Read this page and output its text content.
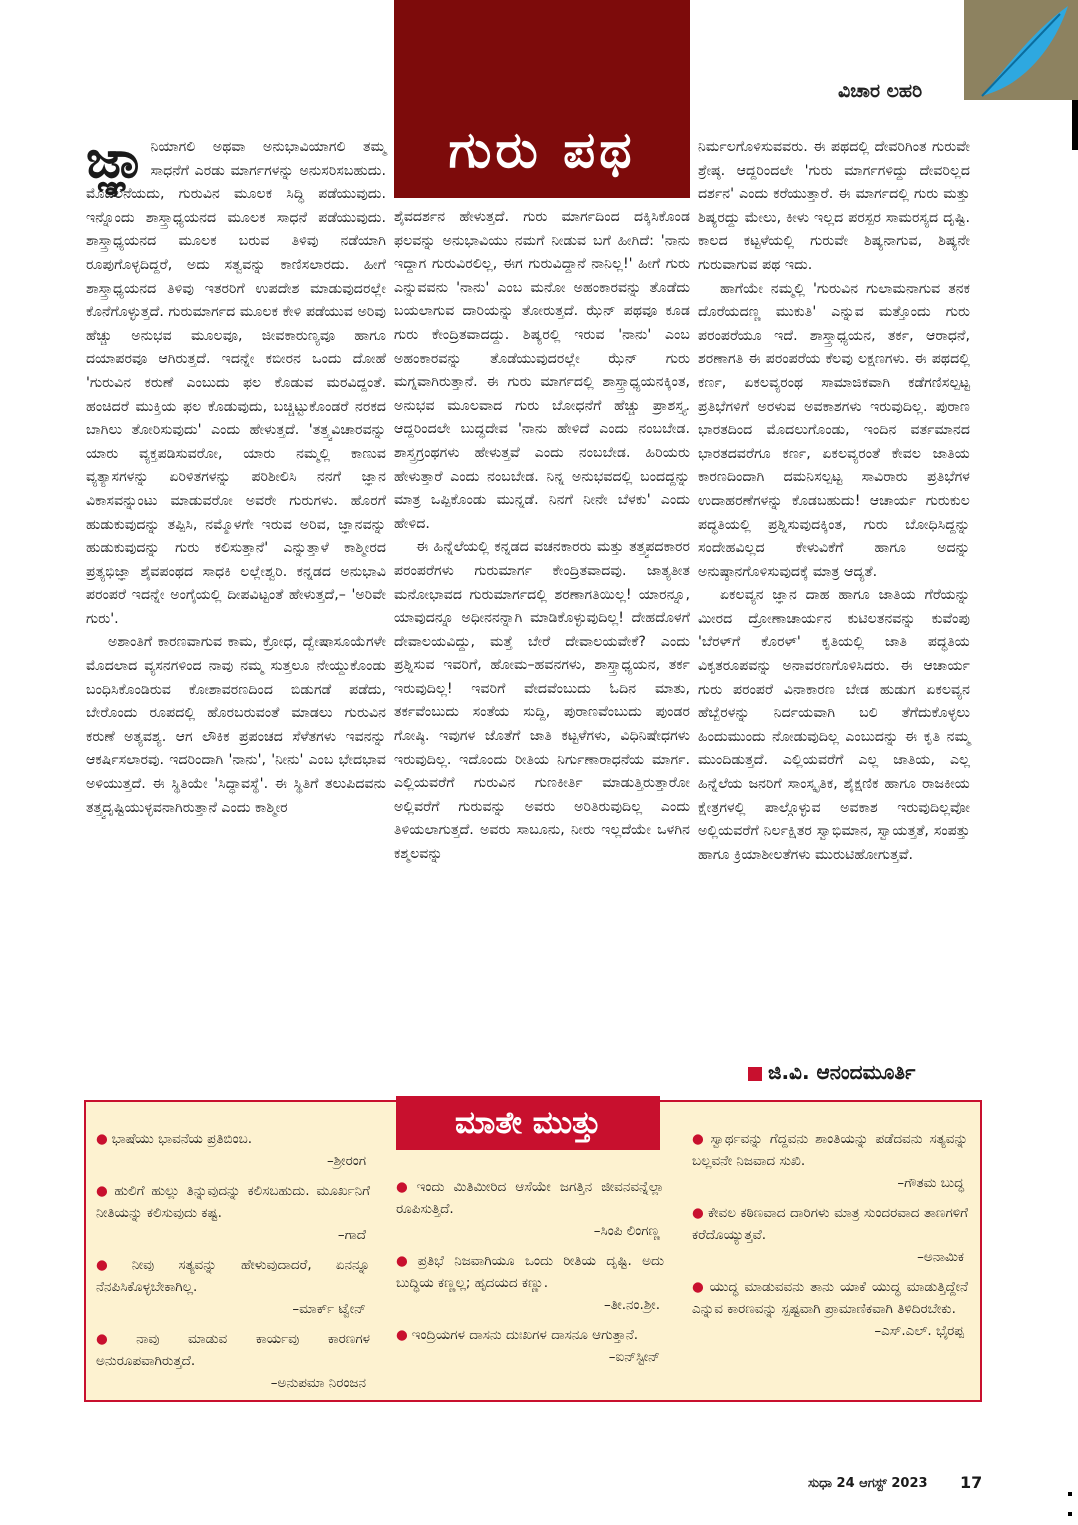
ಗುರು ಪಥ
ವಿಚಾರ ಲಹರಿ

ಜ್ಞಾ ನಿಯಾಗಲಿ ಅಥವಾ ಅನುಭಾವಿಯಾಗಲಿ ತಮ್ಮ ಸಾಧನೆಗೆ ಎರಡು ಮಾರ್ಗಗಳನ್ನು ಅನುಸರಿಸಬಹುದು. ಮೊದಲನೆಯದು, ಗುರುವಿನ ಮೂಲಕ ಸಿದ್ಧಿ ಪಡೆಯುವುದು. ಇನ್ನೊಂದು ಶಾಸ್ತ್ರಾಧ್ಯಯನದ ಮೂಲಕ ಸಾಧನೆ ಪಡೆಯುವುದು. ಶಾಸ್ತ್ರಾಧ್ಯಯನದ ಮೂಲಕ ಬರುವ ತಿಳಿವು ನಡೆಯಾಗಿ ರೂಪುಗೊಳ್ಳದಿದ್ದರೆ, ಅದು ಸತ್ವವನ್ನು ಕಾಣಿಸಲಾರದು. ಹೀಗೆ ಶಾಸ್ತ್ರಾಧ್ಯಯನದ ತಿಳಿವು ಇತರರಿಗೆ ಉಪದೇಶ ಮಾಡುವುದರಲ್ಲೇ ಕೊನೆಗೊಳ್ಳುತ್ತದೆ. ಗುರುಮಾರ್ಗದ ಮೂಲಕ ಕೇಳಿ ಪಡೆಯುವ ಅರಿವು ಹೆಚ್ಚು ಅನುಭವ ಮೂಲವೂ, ಜೀವಕಾರುಣ್ಯವೂ ಹಾಗೂ ದಯಾಪರವೂ ಆಗಿರುತ್ತದೆ. ಇದನ್ನೇ ಕಬೀರನ ಒಂದು ದೋಹೆ 'ಗುರುವಿನ ಕರುಣೆ ಎಂಬುದು ಫಲ ಕೊಡುವ ಮರವಿದ್ದಂತೆ. ಹಂಚಿದರೆ ಮುಕ್ತಿಯ ಫಲ ಕೊಡುವುದು, ಬಚ್ಚಿಟ್ಟುಕೊಂಡರೆ ನರಕದ ಬಾಗಿಲು ತೋರಿಸುವುದು' ಎಂದು ಹೇಳುತ್ತದೆ. 'ತತ್ತ್ವವಿಚಾರವನ್ನು ಯಾರು ವ್ಯಕ್ತಪಡಿಸುವರೋ, ಯಾರು ನಮ್ಮಲ್ಲಿ ಕಾಣುವ ವ್ಯತ್ಯಾಸಗಳನ್ನು ಏರಿಳಿತಗಳನ್ನು ಪರಿಶೀಲಿಸಿ ನನಗೆ ಜ್ಞಾನ ವಿಕಾಸವನ್ನುಂಟು ಮಾಡುವರೋ ಅವರೇ ಗುರುಗಳು. ಹೊರಗೆ ಹುಡುಕುವುದನ್ನು ತಪ್ಪಿಸಿ, ನಮ್ಮೊಳಗೇ ಇರುವ ಅರಿವ, ಜ್ಞಾನವನ್ನು ಹುಡುಕುವುದನ್ನು ಗುರು ಕಲಿಸುತ್ತಾನೆ' ಎನ್ನುತ್ತಾಳೆ ಕಾಶ್ಮೀರದ ಪ್ರತ್ಯಭಿಜ್ಞಾ ಶೈವಪಂಥದ ಸಾಧಕಿ ಲಲ್ಲೇಶ್ವರಿ. ಕನ್ನಡದ ಅನುಭಾವಿ ಪರಂಪರೆ ಇದನ್ನೇ ಅಂಗೈಯಲ್ಲಿ ದೀಪವಿಟ್ಟಂತೆ ಹೇಳುತ್ತದೆ,– 'ಅರಿವೇ ಗುರು'.

ಅಶಾಂತಿಗೆ ಕಾರಣವಾಗುವ ಕಾಮ, ಕ್ರೋಧ, ದ್ವೇಷಾಸೂಯೆಗಳೇ ಮೊದಲಾದ ವ್ಯಸನಗಳಿಂದ ನಾವು ನಮ್ಮ ಸುತ್ತಲೂ ನೇಯ್ದುಕೊಂಡು ಬಂಧಿಸಿಕೊಂಡಿರುವ ಕೋಶಾವರಣದಿಂದ ಬಿಡುಗಡೆ ಪಡೆದು, ಬೇರೊಂದು ರೂಪದಲ್ಲಿ ಹೊರಬರುವಂತೆ ಮಾಡಲು ಗುರುವಿನ ಕರುಣೆ ಅತ್ಯವಶ್ಯ. ಆಗ ಲೌಕಿಕ ಪ್ರಪಂಚದ ಸೆಳೆತಗಳು ಇವನನ್ನು ಆಕರ್ಷಿಸಲಾರವು. ಇದರಿಂದಾಗಿ 'ನಾನು', 'ನೀನು' ಎಂಬ ಭೇದಭಾವ ಅಳಿಯುತ್ತದೆ. ಈ ಸ್ಥಿತಿಯೇ 'ಸಿದ್ಧಾವಸ್ಥೆ'. ಈ ಸ್ಥಿತಿಗೆ ತಲುಪಿದವನು ತತ್ತ್ವದೃಷ್ಟಿಯುಳ್ಳವನಾಗಿರುತ್ತಾನೆ ಎಂದು ಕಾಶ್ಮೀರ

ಶೈವದರ್ಶನ ಹೇಳುತ್ತದೆ. ಗುರು ಮಾರ್ಗದಿಂದ ದಕ್ಕಿಸಿಕೊಂಡ ಫಲವನ್ನು ಅನುಭಾವಿಯು ನಮಗೆ ನೀಡುವ ಬಗೆ ಹೀಗಿದೆ: 'ನಾನು ಇದ್ದಾಗ ಗುರುವಿರಲಿಲ್ಲ, ಈಗ ಗುರುವಿದ್ದಾನೆ ನಾನಿಲ್ಲ!' ಹೀಗೆ ಗುರು ಎನ್ನುವವನು 'ನಾನು' ಎಂಬ ಮನೋ ಅಹಂಕಾರವನ್ನು ತೊಡೆದು ಬಯಲಾಗುವ ದಾರಿಯನ್ನು ತೋರುತ್ತದೆ. ಝೆನ್ ಪಥವೂ ಕೂಡ ಗುರು ಕೇಂದ್ರಿತವಾದದ್ದು. ಶಿಷ್ಯರಲ್ಲಿ ಇರುವ 'ನಾನು' ಎಂಬ ಅಹಂಕಾರವನ್ನು ತೊಡೆಯುವುದರಲ್ಲೇ ಝೆನ್ ಗುರು ಮಗ್ನವಾಗಿರುತ್ತಾನೆ. ಈ ಗುರು ಮಾರ್ಗದಲ್ಲಿ ಶಾಸ್ತ್ರಾಧ್ಯಯನಕ್ಕಿಂತ, ಅನುಭವ ಮೂಲವಾದ ಗುರು ಬೋಧನೆಗೆ ಹೆಚ್ಚು ಪ್ರಾಶಸ್ತ್ಯ. ಆದ್ದರಿಂದಲೇ ಬುದ್ಧದೇವ 'ನಾನು ಹೇಳಿದೆ ಎಂದು ನಂಬಬೇಡ. ಶಾಸ್ತ್ರಗ್ರಂಥಗಳು ಹೇಳುತ್ತವೆ ಎಂದು ನಂಬಬೇಡ. ಹಿರಿಯರು ಹೇಳುತ್ತಾರೆ ಎಂದು ನಂಬಬೇಡ. ನಿನ್ನ ಅನುಭವದಲ್ಲಿ ಬಂದದ್ದನ್ನು ಮಾತ್ರ ಒಪ್ಪಿಕೊಂಡು ಮುನ್ನಡೆ. ನಿನಗೆ ನೀನೇ ಬೆಳಕು' ಎಂದು ಹೇಳಿದ.

ಈ ಹಿನ್ನೆಲೆಯಲ್ಲಿ ಕನ್ನಡದ ವಚನಕಾರರು ಮತ್ತು ತತ್ತ್ವಪದಕಾರರ ಪರಂಪರೆಗಳು ಗುರುಮಾರ್ಗ ಕೇಂದ್ರಿತವಾದವು. ಜಾತ್ಯತೀತ ಮನೋಭಾವದ ಗುರುಮಾರ್ಗದಲ್ಲಿ ಶರಣಾಗತಿಯಿಲ್ಲ! ಯಾರನ್ನೂ, ಯಾವುದನ್ನೂ ಅಧೀನನನ್ನಾಗಿ ಮಾಡಿಕೊಳ್ಳುವುದಿಲ್ಲ! ದೇಹದೊಳಗೆ ದೇವಾಲಯವಿದ್ದು, ಮತ್ತೆ ಬೇರೆ ದೇವಾಲಯವೇಕೆ? ಎಂದು ಪ್ರಶ್ನಿಸುವ ಇವರಿಗೆ, ಹೋಮ–ಹವನಗಳು, ಶಾಸ್ತ್ರಾಧ್ಯಯನ, ತರ್ಕ ಇರುವುದಿಲ್ಲ! ಇವರಿಗೆ ವೇದವೆಂಬುದು ಓದಿನ ಮಾತು, ತರ್ಕವೆಂಬುದು ಸಂತೆಯ ಸುದ್ದಿ, ಪುರಾಣವೆಂಬುದು ಪುಂಡರ ಗೋಷ್ಠಿ. ಇವುಗಳ ಜೊತೆಗೆ ಜಾತಿ ಕಟ್ಟಳೆಗಳು, ವಿಧಿನಿಷೇಧಗಳು ಇರುವುದಿಲ್ಲ. ಇದೊಂದು ರೀತಿಯ ನಿರ್ಗುಣಾರಾಧನೆಯ ಮಾರ್ಗ. ಎಲ್ಲಿಯವರೆಗೆ ಗುರುವಿನ ಗುಣಕೀರ್ತಿ ಮಾಡುತ್ತಿರುತ್ತಾರೋ ಅಲ್ಲಿವರೆಗೆ ಗುರುವನ್ನು ಅವರು ಅರಿತಿರುವುದಿಲ್ಲ ಎಂದು ತಿಳಿಯಲಾಗುತ್ತದೆ. ಅವರು ಸಾಬೂನು, ನೀರು ಇಲ್ಲದೆಯೇ ಒಳಗಿನ ಕಶ್ಮಲವನ್ನು

ನಿರ್ಮಲಗೊಳಿಸುವವರು. ಈ ಪಥದಲ್ಲಿ ದೇವರಿಗಿಂತ ಗುರುವೇ ಶ್ರೇಷ್ಠ. ಆದ್ದರಿಂದಲೇ 'ಗುರು ಮಾರ್ಗಗಳಿದ್ದು ದೇವರಿಲ್ಲದ ದರ್ಶನ' ಎಂದು ಕರೆಯುತ್ತಾರೆ. ಈ ಮಾರ್ಗದಲ್ಲಿ ಗುರು ಮತ್ತು ಶಿಷ್ಯರದ್ದು ಮೇಲು, ಕೀಳು ಇಲ್ಲದ ಪರಸ್ಪರ ಸಾಮರಸ್ಯದ ದೃಷ್ಟಿ. ಕಾಲದ ಕಟ್ಟಳೆಯಲ್ಲಿ ಗುರುವೇ ಶಿಷ್ಯನಾಗುವ, ಶಿಷ್ಯನೇ ಗುರುವಾಗುವ ಪಥ ಇದು.

ಹಾಗೆಯೇ ನಮ್ಮಲ್ಲಿ 'ಗುರುವಿನ ಗುಲಾಮನಾಗುವ ತನಕ ದೊರೆಯದಣ್ಣ ಮುಕುತಿ' ಎನ್ನುವ ಮತ್ತೊಂದು ಗುರು ಪರಂಪರೆಯೂ ಇದೆ. ಶಾಸ್ತ್ರಾಧ್ಯಯನ, ತರ್ಕ, ಆರಾಧನೆ, ಶರಣಾಗತಿ ಈ ಪರಂಪರೆಯ ಕೆಲವು ಲಕ್ಷಣಗಳು. ಈ ಪಥದಲ್ಲಿ ಕರ್ಣ, ಏಕಲವ್ಯರಂಥ ಸಾಮಾಜಿಕವಾಗಿ ಕಡೆಗಣಿಸಲ್ಪಟ್ಟ ಪ್ರತಿಭೆಗಳಿಗೆ ಅರಳುವ ಅವಕಾಶಗಳು ಇರುವುದಿಲ್ಲ. ಪುರಾಣ ಭಾರತದಿಂದ ಮೊದಲುಗೊಂಡು, ಇಂದಿನ ವರ್ತಮಾನದ ಭಾರತದವರೆಗೂ ಕರ್ಣ, ಏಕಲವ್ಯರಂತೆ ಕೇವಲ ಜಾತಿಯ ಕಾರಣದಿಂದಾಗಿ ದಮನಿಸಲ್ಪಟ್ಟ ಸಾವಿರಾರು ಪ್ರತಿಭೆಗಳ ಉದಾಹರಣೆಗಳನ್ನು ಕೊಡಬಹುದು! ಆಚಾರ್ಯ ಗುರುಕುಲ ಪದ್ಧತಿಯಲ್ಲಿ ಪ್ರಶ್ನಿಸುವುದಕ್ಕಿಂತ, ಗುರು ಬೋಧಿಸಿದ್ದನ್ನು ಸಂದೇಹವಿಲ್ಲದ ಕೇಳುವಿಕೆಗೆ ಹಾಗೂ ಅದನ್ನು ಅನುಷ್ಠಾನಗೊಳಿಸುವುದಕ್ಕೆ ಮಾತ್ರ ಆದ್ಯತೆ.

ಏಕಲವ್ಯನ ಜ್ಞಾನ ದಾಹ ಹಾಗೂ ಜಾತಿಯ ಗೆರೆಯನ್ನು ಮೀರದ ದ್ರೋಣಾಚಾರ್ಯನ ಕುಟಿಲತನವನ್ನು ಕುವೆಂಪು 'ಬೆರಳ್‌ಗೆ ಕೊರಳ್' ಕೃತಿಯಲ್ಲಿ ಜಾತಿ ಪದ್ಧತಿಯ ವಿಕೃತರೂಪವನ್ನು ಅನಾವರಣಗೊಳಿಸಿದರು. ಈ ಆಚಾರ್ಯ ಗುರು ಪರಂಪರೆ ವಿನಾಕಾರಣ ಬೇಡ ಹುಡುಗ ಏಕಲವ್ಯನ ಹೆಬ್ಬೆರಳನ್ನು ನಿರ್ದಯವಾಗಿ ಬಲಿ ತೆಗೆದುಕೊಳ್ಳಲು ಹಿಂದುಮುಂದು ನೋಡುವುದಿಲ್ಲ ಎಂಬುದನ್ನು ಈ ಕೃತಿ ನಮ್ಮ ಮುಂದಿಡುತ್ತದೆ. ಎಲ್ಲಿಯವರೆಗೆ ಎಲ್ಲ ಜಾತಿಯ, ಎಲ್ಲ ಹಿನ್ನೆಲೆಯ ಜನರಿಗೆ ಸಾಂಸ್ಕೃತಿಕ, ಶೈಕ್ಷಣಿಕ ಹಾಗೂ ರಾಜಕೀಯ ಕ್ಷೇತ್ರಗಳಲ್ಲಿ ಪಾಲ್ಗೊಳ್ಳುವ ಅವಕಾಶ ಇರುವುದಿಲ್ಲವೋ ಅಲ್ಲಿಯವರೆಗೆ ನಿರ್ಲಕ್ಷಿತರ ಸ್ವಾಭಿಮಾನ, ಸ್ವಾಯತ್ತತೆ, ಸಂಪತ್ತು ಹಾಗೂ ಕ್ರಿಯಾಶೀಲತೆಗಳು ಮುರುಟಿಹೋಗುತ್ತವೆ.

ಜಿ.ವಿ. ಆನಂದಮೂರ್ತಿ
ಮಾತೇ ಮುತ್ತು
● ಭಾಷೆಯು ಭಾವನೆಯ ಪ್ರತಿಬಿಂಬ.
–ಶ್ರೀರಂಗ
● ಹುಲಿಗೆ ಹುಲ್ಲು ತಿನ್ನುವುದನ್ನು ಕಲಿಸಬಹುದು. ಮೂರ್ಖನಿಗೆ ನೀತಿಯನ್ನು ಕಲಿಸುವುದು ಕಷ್ಟ.
–ಗಾದೆ
● ನೀವು ಸತ್ಯವನ್ನು ಹೇಳುವುದಾದರೆ, ಏನನ್ನೂ ನೆನಪಿಸಿಕೊಳ್ಳಬೇಕಾಗಿಲ್ಲ.
–ಮಾರ್ಕ್ ಟ್ವೇನ್
● ನಾವು ಮಾಡುವ ಕಾರ್ಯವು ಕಾರಣಗಳ ಅನುರೂಪವಾಗಿರುತ್ತದೆ.
–ಅನುಪಮಾ ನಿರಂಜನ
● ಇಂದು ಮಿತಿಮೀರಿದ ಆಸೆಯೇ ಜಗತ್ತಿನ ಜೀವನವನ್ನೆಲ್ಲಾ ರೂಪಿಸುತ್ತಿದೆ.
–ಸಿಂಪಿ ಲಿಂಗಣ್ಣ
● ಪ್ರತಿಭೆ ನಿಜವಾಗಿಯೂ ಒಂದು ರೀತಿಯ ದೃಷ್ಟಿ. ಅದು ಬುದ್ಧಿಯ ಕಣ್ಣಲ್ಲ; ಹೃದಯದ ಕಣ್ಣು.
–ತೀ.ನಂ.ಶ್ರೀ.
● ಇಂದ್ರಿಯಗಳ ದಾಸನು ದುಃಖಗಳ ದಾಸನೂ ಆಗುತ್ತಾನೆ.
–ಐನ್‌ಸ್ಟೀನ್
● ಸ್ವಾರ್ಥವನ್ನು ಗೆದ್ದವನು ಶಾಂತಿಯನ್ನು ಪಡೆದವನು ಸತ್ಯವನ್ನು ಬಲ್ಲವನೇ ನಿಜವಾದ ಸುಖಿ.
–ಗೌತಮ ಬುದ್ಧ
● ಕೇವಲ ಕಠಿಣವಾದ ದಾರಿಗಳು ಮಾತ್ರ ಸುಂದರವಾದ ತಾಣಗಳಿಗೆ ಕರೆದೊಯ್ಯುತ್ತವೆ.
–ಅನಾಮಿಕ
● ಯುದ್ಧ ಮಾಡುವವನು ತಾನು ಯಾಕೆ ಯುದ್ಧ ಮಾಡುತ್ತಿದ್ದೇನೆ ಎನ್ನುವ ಕಾರಣವನ್ನು ಸ್ಪಷ್ಟವಾಗಿ ಪ್ರಾಮಾಣಿಕವಾಗಿ ತಿಳಿದಿರಬೇಕು.
–ಎಸ್.ಎಲ್. ಭೈರಪ್ಪ
ಸುಧಾ 24 ಆಗಸ್ಟ್ 2023 17
